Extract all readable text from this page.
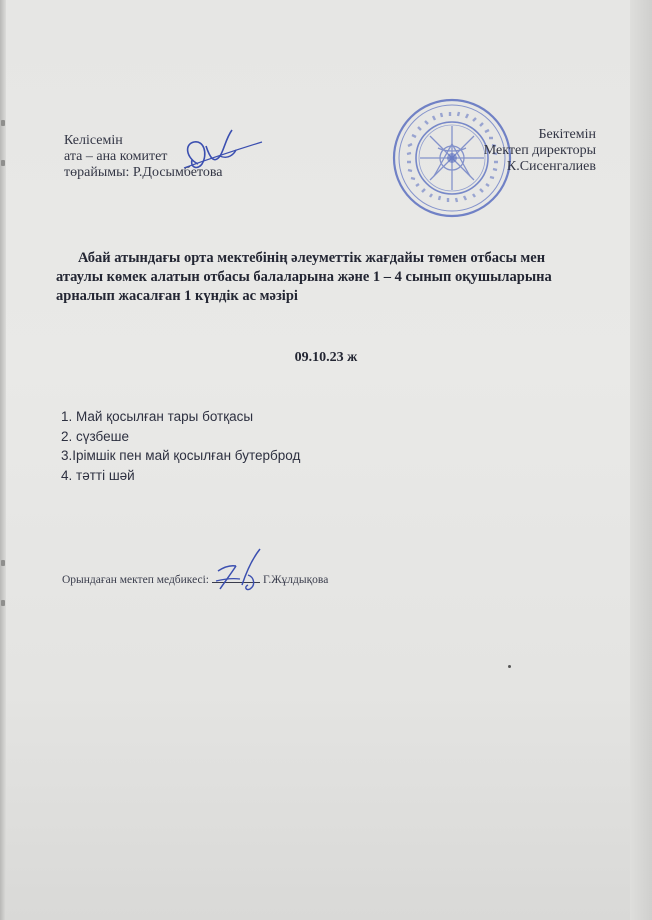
Келісемін
ата – ана комитет
төрайымы: Р.Досымбетова
Бекітемін
Мектеп директоры
К.Сисенгалиев
Абай атындағы орта мектебінің әлеуметтік жағдайы төмен отбасы мен
атаулы көмек алатын отбасы балаларына және 1 – 4 сынып оқушыларына
арналып жасалған 1 күндік ас мәзірі
09.10.23 ж
1. Май қосылған тары ботқасы
2. сүзбеше
3.Ірімшік пен май қосылған бутерброд
4. тәтті шәй
Орындаған мектеп медбикесі:	Г.Жұлдықова
